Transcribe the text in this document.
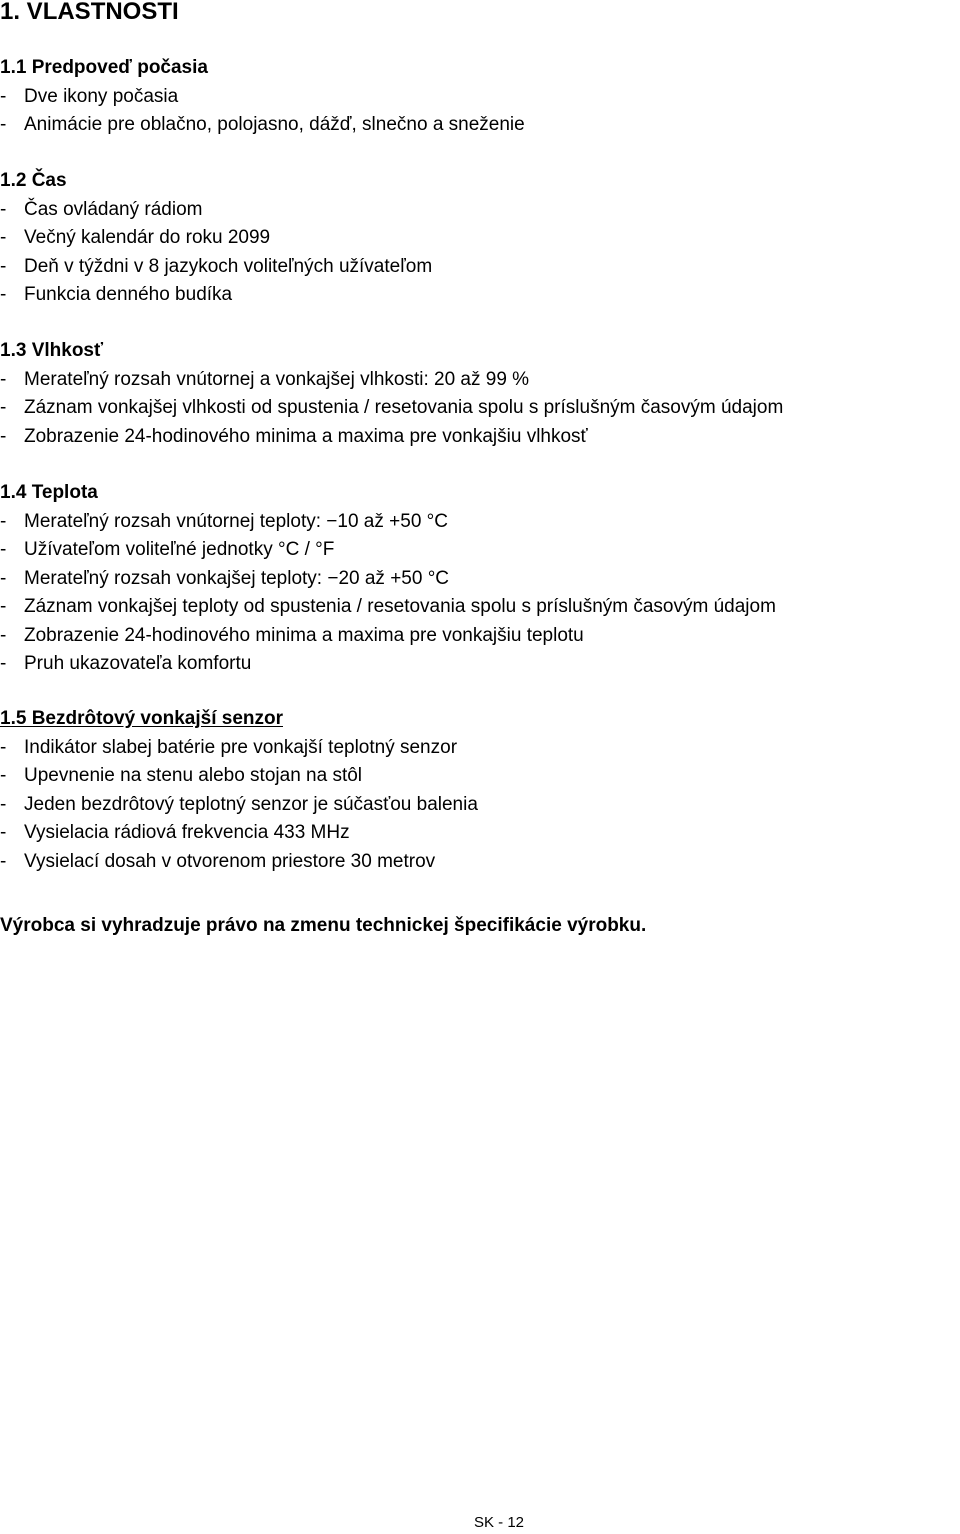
1. VLASTNOSTI
1.1 Predpoveď počasia
- Dve ikony počasia
- Animácie pre oblačno, polojasno, dážď, slnečno a sneženie
1.2 Čas
- Čas ovládaný rádiom
- Večný kalendár do roku 2099
- Deň v týždni v 8 jazykoch voliteľných užívateľom
- Funkcia denného budíka
1.3 Vlhkosť
- Merateľný rozsah vnútornej a vonkajšej vlhkosti: 20 až 99 %
- Záznam vonkajšej vlhkosti od spustenia / resetovania spolu s príslušným časovým údajom
- Zobrazenie 24-hodinového minima a maxima pre vonkajšiu vlhkosť
1.4 Teplota
- Merateľný rozsah vnútornej teploty: −10 až +50 °C
- Užívateľom voliteľné jednotky °C / °F
- Merateľný rozsah vonkajšej teploty: −20 až +50 °C
- Záznam vonkajšej teploty od spustenia / resetovania spolu s príslušným časovým údajom
- Zobrazenie 24-hodinového minima a maxima pre vonkajšiu teplotu
- Pruh ukazovateľa komfortu
1.5 Bezdrôtový vonkajší senzor
- Indikátor slabej batérie pre vonkajší teplotný senzor
- Upevnenie na stenu alebo stojan na stôl
- Jeden bezdrôtový teplotný senzor je súčasťou balenia
- Vysielacia rádiová frekvencia 433 MHz
- Vysielací dosah v otvorenom priestore 30 metrov
Výrobca si vyhradzuje právo na zmenu technickej špecifikácie výrobku.
SK - 12
